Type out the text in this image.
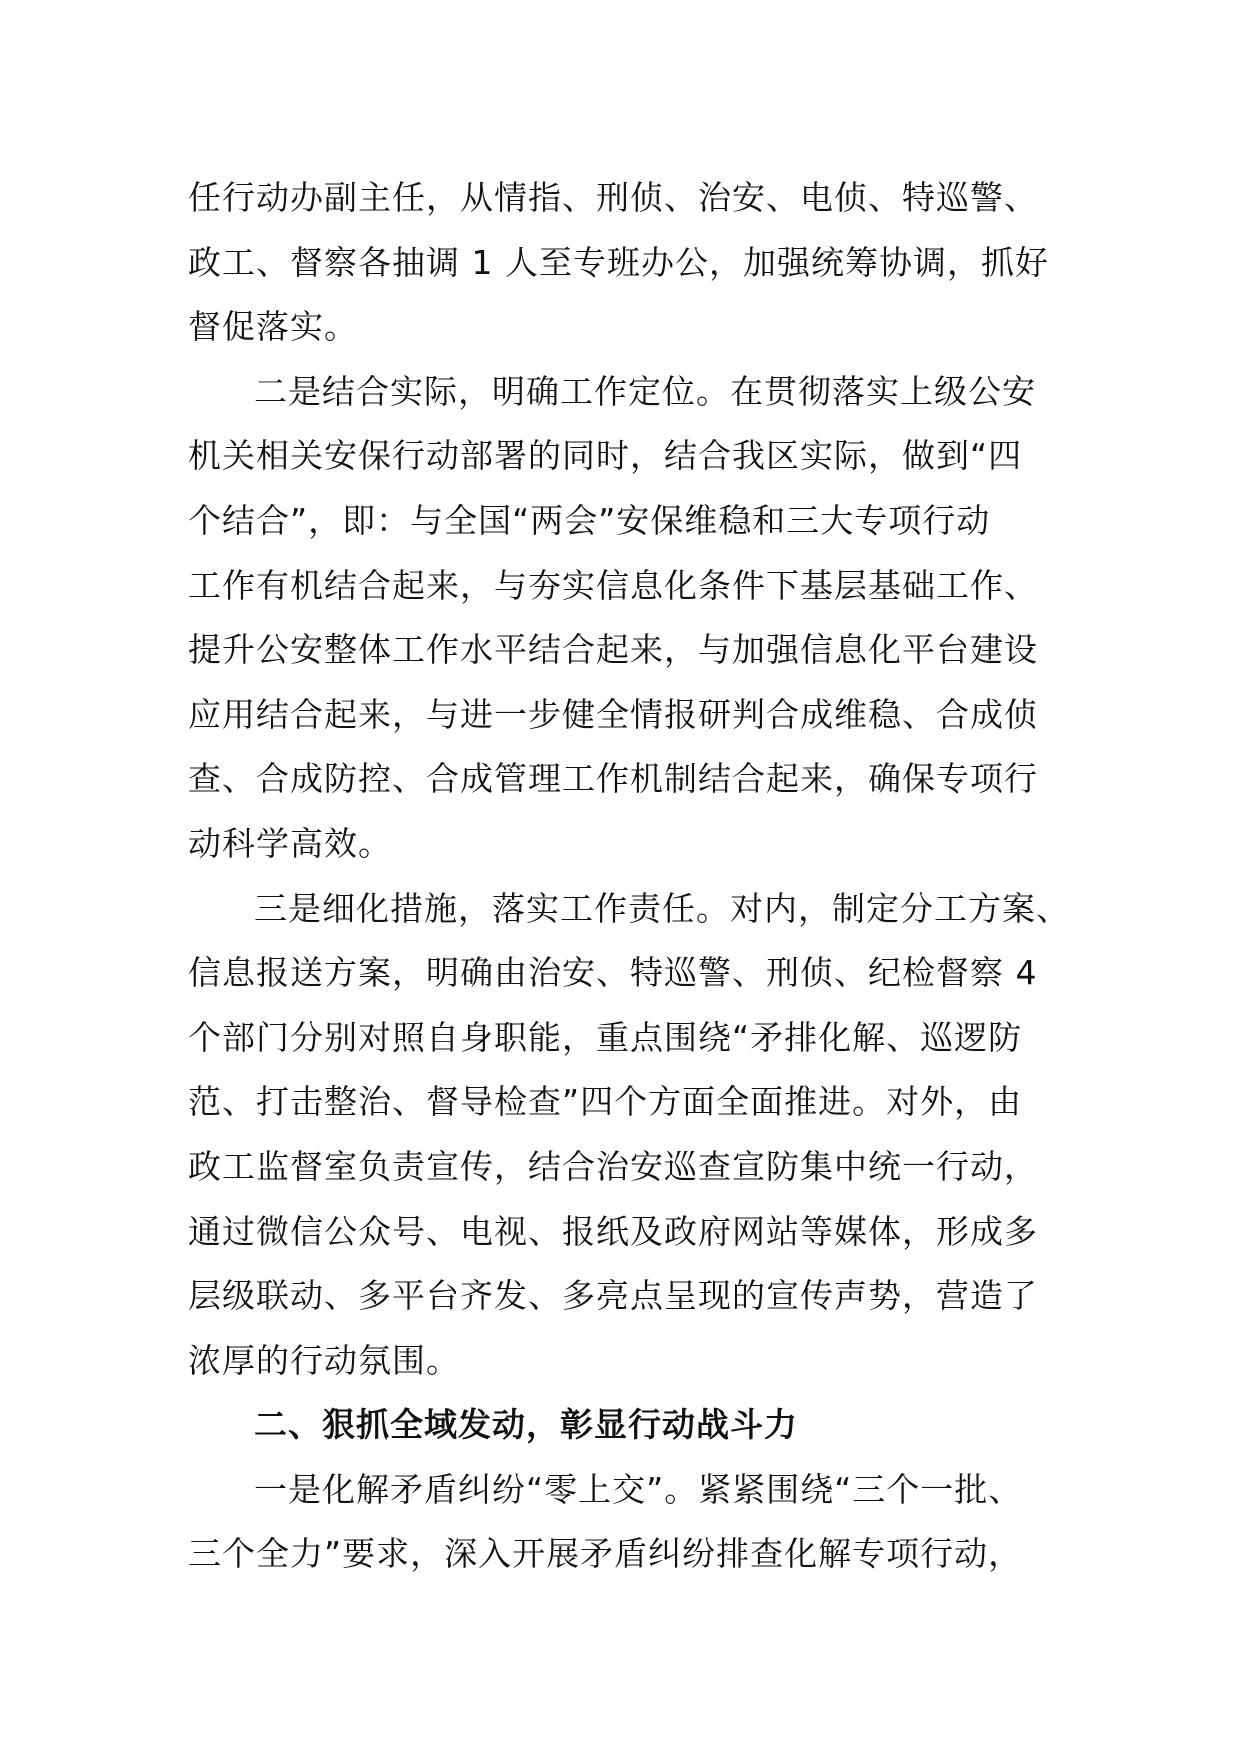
任行动办副主任，从情指、刑侦、治安、电侦、特巡警、
政工、督察各抽调 1 人至专班办公，加强统筹协调，抓好
督促落实。

二是结合实际，明确工作定位。在贯彻落实上级公安
机关相关安保行动部署的同时，结合我区实际，做到“四
个结合”，即：与全国“两会”安保维稳和三大专项行动
工作有机结合起来，与夯实信息化条件下基层基础工作、
提升公安整体工作水平结合起来，与加强信息化平台建设
应用结合起来，与进一步健全情报研判合成维稳、合成侦
查、合成防控、合成管理工作机制结合起来，确保专项行
动科学高效。

三是细化措施，落实工作责任。对内，制定分工方案、
信息报送方案，明确由治安、特巡警、刑侦、纪检督察 4
个部门分别对照自身职能，重点围绕“矛排化解、巡逻防
范、打击整治、督导检查”四个方面全面推进。对外，由
政工监督室负责宣传，结合治安巡查宣防集中统一行动，
通过微信公众号、电视、报纸及政府网站等媒体，形成多
层级联动、多平台齐发、多亮点呈现的宣传声势，营造了
浓厚的行动氛围。

二、狠抓全域发动，彰显行动战斗力

一是化解矛盾纠纷“零上交”。紧紧围绕“三个一批、
三个全力”要求，深入开展矛盾纠纷排查化解专项行动，
